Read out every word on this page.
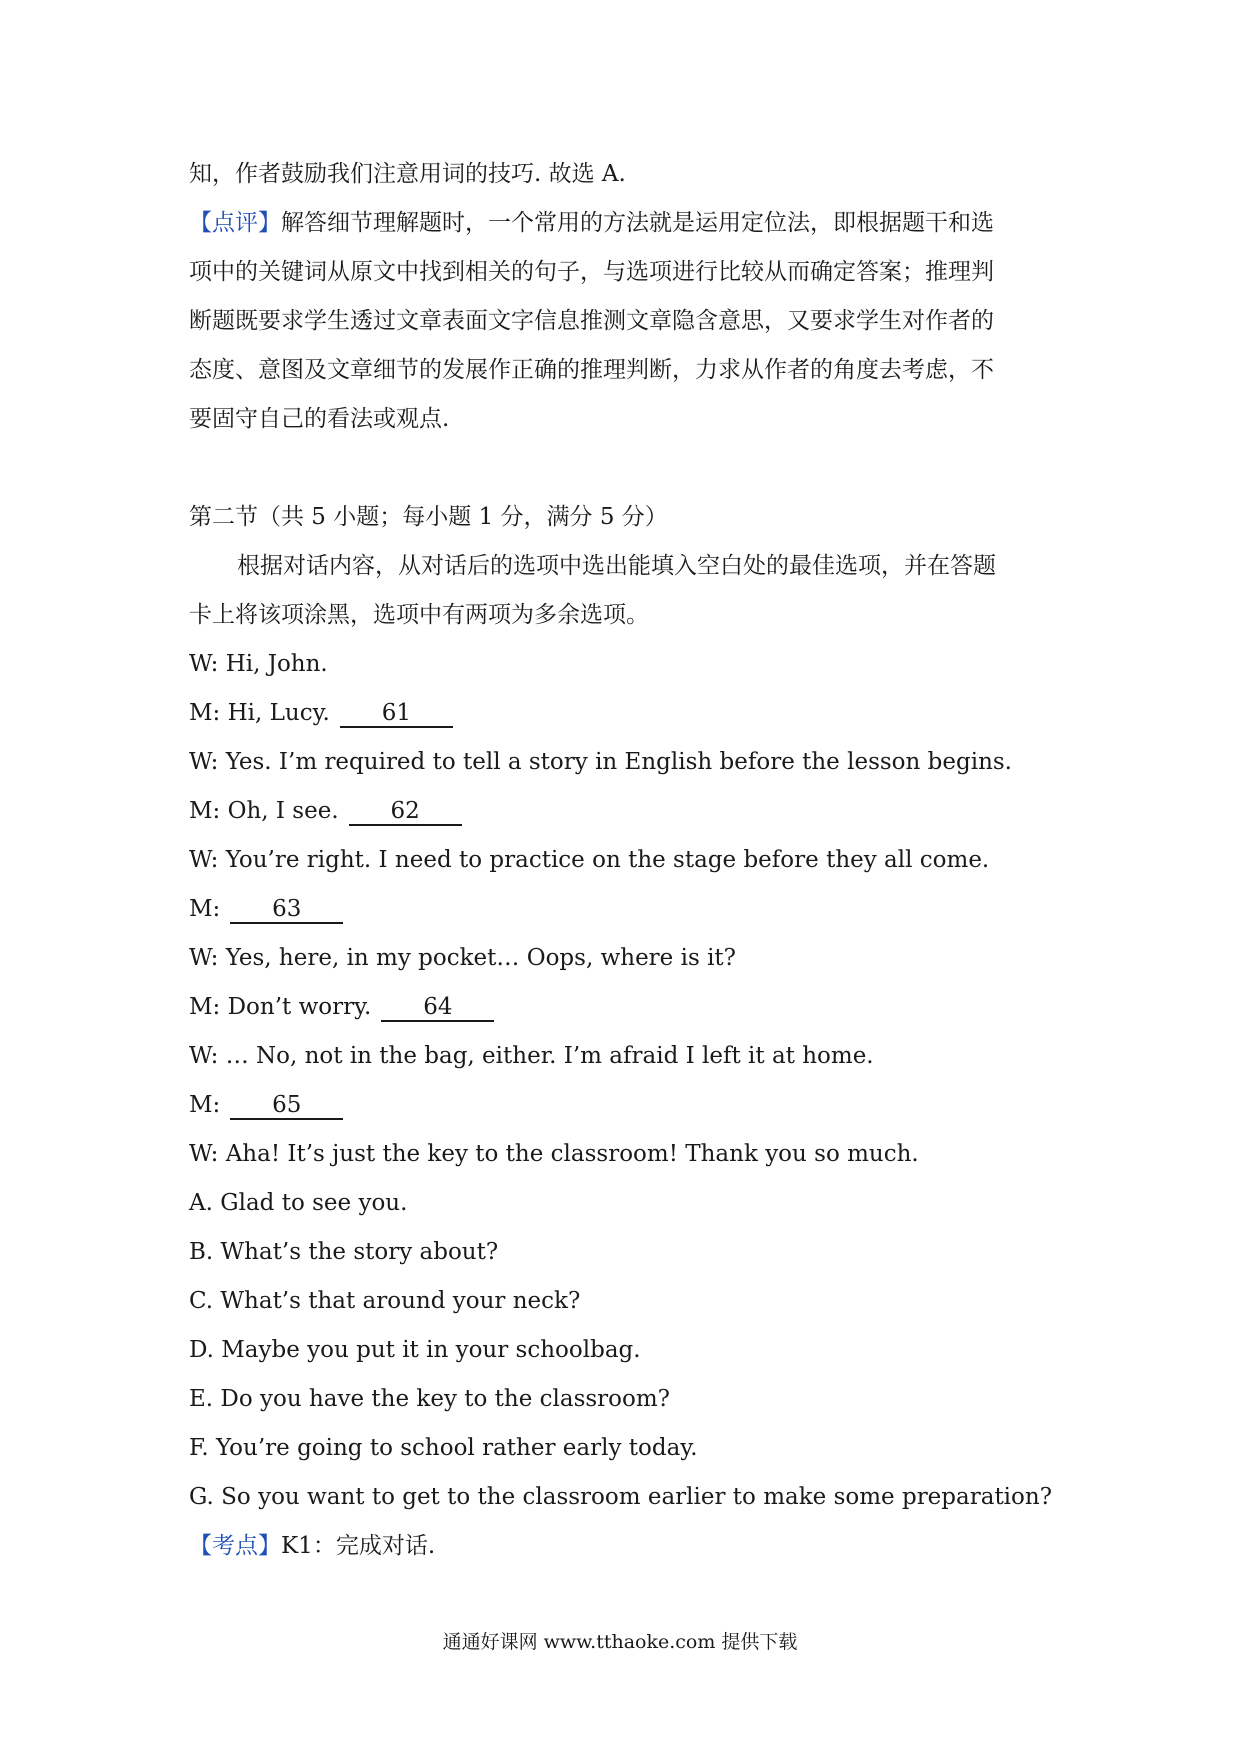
知，作者鼓励我们注意用词的技巧. 故选 A.
【点评】解答细节理解题时，一个常用的方法就是运用定位法，即根据题干和选
项中的关键词从原文中找到相关的句子，与选项进行比较从而确定答案；推理判
断题既要求学生透过文章表面文字信息推测文章隐含意思，又要求学生对作者的
态度、意图及文章细节的发展作正确的推理判断，力求从作者的角度去考虑，不
要固守自己的看法或观点.
第二节（共 5 小题；每小题 1 分，满分 5 分）
根据对话内容，从对话后的选项中选出能填入空白处的最佳选项，并在答题
卡上将该项涂黑，选项中有两项为多余选项。
W: Hi, John.
M: Hi, Lucy. 61
W: Yes. I’m required to tell a story in English before the lesson begins.
M: Oh, I see. 62
W: You’re right. I need to practice on the stage before they all come.
M: 63
W: Yes, here, in my pocket… Oops, where is it?
M: Don’t worry. 64
W: … No, not in the bag, either. I’m afraid I left it at home.
M: 65
W: Aha! It’s just the key to the classroom! Thank you so much.
A. Glad to see you.
B. What’s the story about?
C. What’s that around your neck?
D. Maybe you put it in your schoolbag.
E. Do you have the key to the classroom?
F. You’re going to school rather early today.
G. So you want to get to the classroom earlier to make some preparation?
【考点】K1：完成对话.
通通好课网 www.tthaoke.com 提供下载
